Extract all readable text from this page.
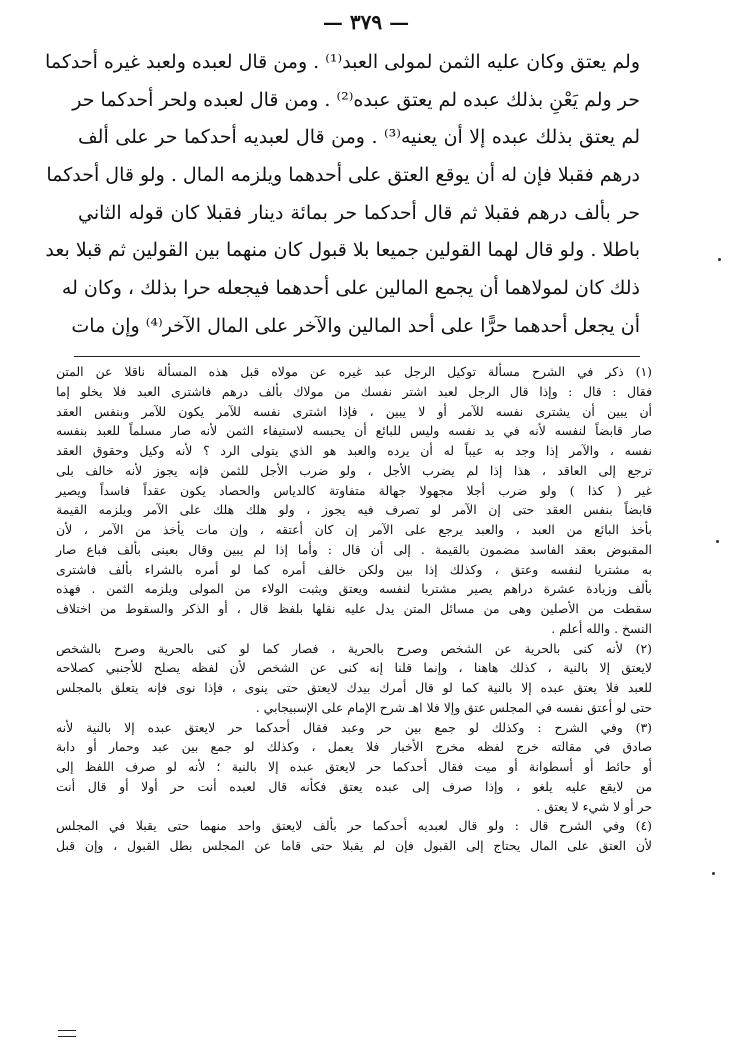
— ٣٧٩ —
ولم يعتق وكان عليه الثمن لمولى العبد⁽¹⁾ . ومن قال لعبده ولعبد غيره أحدكما
حر ولم يَعْنِ بذلك عبده لم يعتق عبده⁽²⁾ . ومن قال لعبده ولحر أحدكما حر
لم يعتق بذلك عبده إلا أن يعنيه⁽³⁾ . ومن قال لعبديه أحدكما حر على ألف
درهم فقبلا فإن له أن يوقع العتق على أحدهما ويلزمه المال . ولو قال أحدكما
حر بألف درهم فقبلا ثم قال أحدكما حر بمائة دينار فقبلا كان قوله الثاني
باطلا . ولو قال لهما القولين جميعا بلا قبول كان منهما بين القولين ثم قبلا بعد
ذلك كان لمولاهما أن يجمع المالين على أحدهما فيجعله حرا بذلك ، وكان له
أن يجعل أحدهما حرًّا على أحد المالين والآخر على المال الآخر⁽⁴⁾ وإن مات
(١) ذكر في الشرح مسألة توكيل الرجل عبد غيره عن مولاه قبل هذه المسألة ناقلا عن المتن
فقال : قال : وإذا قال الرجل لعبد اشتر نفسك من مولاك بألف درهم فاشترى العبد فلا يخلو إما
أن يبين أن يشترى نفسه للآمر أو لا يبين ، فإذا اشترى نفسه للآمر يكون للآمر وبنفس العقد
صار قابضاً لنفسه لأنه في يد نفسه وليس للبائع أن يحبسه لاستيفاء الثمن لأنه صار مسلماً للعبد بنفسه
نفسه ، والآمر إذا وجد به عيباً له أن يرده والعبد هو الذي يتولى الرد ؟ لأنه وكيل وحقوق العقد
ترجع إلى العاقد ، هذا إذا لم يضرب الأجل ، ولو ضرب الأجل للثمن فإنه يجوز لأنه خالف بلى
غير ( كذا ) ولو ضرب أجلا مجهولا جهالة متفاوتة كالدياس والحصاد يكون عقداً فاسداً ويصير
قابضاً بنفس العقد حتى إن الآمر لو تصرف فيه يجوز ، ولو هلك هلك على الآمر ويلزمه القيمة
بأخذ البائع من العبد ، والعبد يرجع على الآمر إن كان أعتقه ، وإن مات يأخذ من الآمر ، لأن
المقبوض بعقد الفاسد مضمون بالقيمة . إلى أن قال : وأما إذا لم يبين وقال بعينى بألف فباع صار
به مشتريا لنفسه وعتق ، وكذلك إذا بين ولكن خالف أمره كما لو أمره بالشراء بألف فاشترى
بألف وزيادة عشرة دراهم يصير مشتريا لنفسه ويعتق ويثبت الولاء من المولى ويلزمه الثمن . فهذه
سقطت من الأصلين وهى من مسائل المتن يدل عليه نقلها بلفظ قال ، أو الذكر والسقوط من اختلاف
النسخ . والله أعلم .
(٢) لأنه كنى بالحرية عن الشخص وصرح بالحرية ، فصار كما لو كنى بالحرية وصرح بالشخص
لايعتق إلا بالنية ، كذلك هاهنا ، وإنما قلنا إنه كنى عن الشخص لأن لفظه يصلح للأجنبي كصلاحه
للعبد فلا يعتق عبده إلا بالنية كما لو قال أمرك بيدك لايعتق حتى ينوى ، فإذا نوى فإنه يتعلق بالمجلس
حتى لو أعتق نفسه في المجلس عتق وإلا فلا اهـ شرح الإمام على الإسبيجابي .
(٣) وفي الشرح : وكذلك لو جمع بين حر وعبد فقال أحدكما حر لايعتق عبده إلا بالنية لأنه
صادق في مقالته خرج لفظه مخرج الأخبار فلا يعمل ، وكذلك لو جمع بين عبد وحمار أو دابة
أو حائط أو أسطوانة أو ميت فقال أحدكما حر لايعتق عبده إلا بالنية ؛ لأنه لو صرف اللفظ إلى
من لايقع عليه يلغو ، وإذا صرف إلى عبده يعتق فكأنه قال لعبده أنت حر أولا أو قال أنت
حر أو لا شيء لا يعتق .
(٤) وفي الشرح قال : ولو قال لعبديه أحدكما حر بألف لايعتق واحد منهما حتى يقبلا في المجلس
لأن العتق على المال يحتاج إلى القبول فإن لم يقبلا حتى قاما عن المجلس بطل القبول ، وإن قبل
